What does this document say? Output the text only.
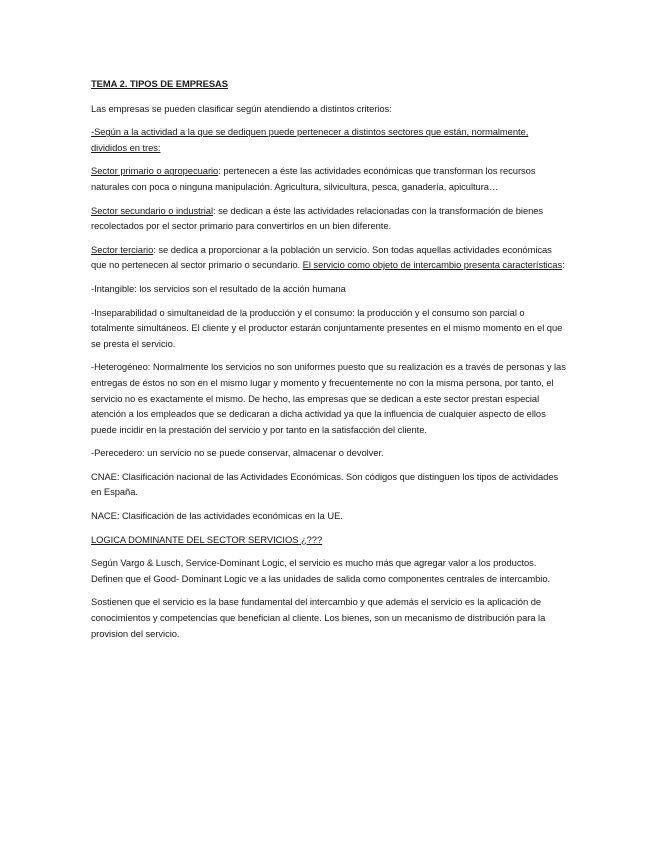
TEMA 2. TIPOS DE EMPRESAS

Las empresas se pueden clasificar según atendiendo a distintos criterios:

-Según a la actividad a la que se dediquen puede pertenecer a distintos sectores que están, normalmente, divididos en tres:

Sector primario o agropecuario: pertenecen a éste las actividades económicas que transforman los recursos naturales con poca o ninguna manipulación. Agricultura, silvicultura, pesca, ganadería, apicultura…

Sector secundario o industrial: se dedican a éste las actividades relacionadas con la transformación de bienes recolectados por el sector primario para convertirlos en un bien diferente.

Sector terciario: se dedica a proporcionar a la población un servicio. Son todas aquellas actividades económicas que no pertenecen al sector primario o secundario. El servicio como objeto de intercambio presenta características:

-Intangible: los servicios son el resultado de la acción humana

-Inseparabilidad o simultaneidad de la producción y el consumo: la producción y el consumo son parcial o totalmente simultáneos. El cliente y el productor estarán conjuntamente presentes en el mismo momento en el que se presta el servicio.

-Heterogéneo: Normalmente los servicios no son uniformes puesto que su realización es a través de personas y las entregas de éstos no son en el mismo lugar y momento y frecuentemente no con la misma persona, por tanto, el servicio no es exactamente el mismo. De hecho, las empresas que se dedican a este sector prestan especial atención a los empleados que se dedicaran a dicha actividad ya que la influencia de cualquier aspecto de ellos puede incidir en la prestación del servicio y por tanto en la satisfacción del cliente.

-Perecedero: un servicio no se puede conservar, almacenar o devolver.

CNAE: Clasificación nacional de las Actividades Económicas. Son códigos que distinguen los tipos de actividades en España.

NACE: Clasificación de las actividades económicas en la UE.

LOGICA DOMINANTE DEL SECTOR SERVICIOS ¿???

Según Vargo & Lusch, Service-Dominant Logic, el servicio es mucho más que agregar valor a los productos. Definen que el Good- Dominant Logic ve a las unidades de salida como componentes centrales de intercambio.

Sostienen que el servicio es la base fundamental del intercambio y que además el servicio es la aplicación de conocimientos y competencias que benefician al cliente. Los bienes, son un mecanismo de distribución para la provision del servicio.
